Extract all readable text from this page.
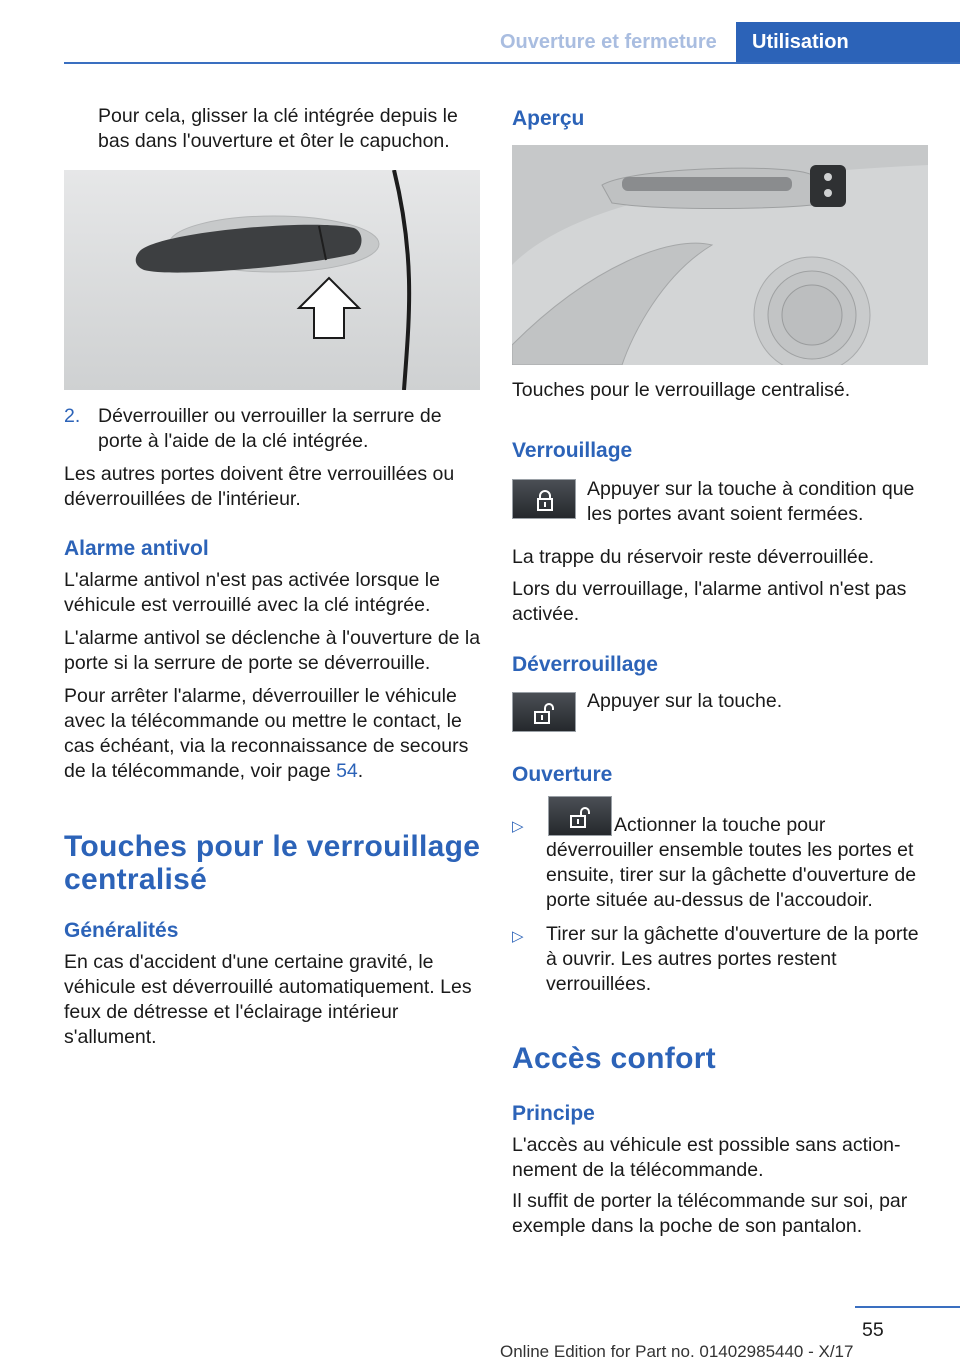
Ouverture et fermeture	Utilisation

Pour cela, glisser la clé intégrée depuis le bas dans l'ouverture et ôter le capuchon.

2. Déverrouiller ou verrouiller la serrure de porte à l'aide de la clé intégrée.

Les autres portes doivent être verrouillées ou déverrouillées de l'intérieur.

Alarme antivol

L'alarme antivol n'est pas activée lorsque le véhicule est verrouillé avec la clé intégrée.

L'alarme antivol se déclenche à l'ouverture de la porte si la serrure de porte se déverrouille.

Pour arrêter l'alarme, déverrouiller le véhicule avec la télécommande ou mettre le contact, le cas échéant, via la reconnaissance de secours de la télécommande, voir page 54.

Touches pour le verrouillage centralisé
Généralités

En cas d'accident d'une certaine gravité, le véhicule est déverrouillé automatiquement. Les feux de détresse et l'éclairage intérieur s'allument.

Aperçu

Touches pour le verrouillage centralisé.

Verrouillage

Appuyer sur la touche à condition que les portes avant soient fermées.

La trappe du réservoir reste déverrouillée.

Lors du verrouillage, l'alarme antivol n'est pas activée.

Déverrouillage

Appuyer sur la touche.

Ouverture
▷	Actionner la touche pour déverrouiller ensemble toutes les portes et ensuite, tirer sur la gâchette d'ouverture de porte située au-dessus de l'accoudoir.

▷ Tirer sur la gâchette d'ouverture de la porte à ouvrir. Les autres portes restent verrouillées.

Accès confort
Principe

L'accès au véhicule est possible sans actionnement de la télécommande.

Il suffit de porter la télécommande sur soi, par exemple dans la poche de son pantalon.

55
Online Edition for Part no. 01402985440 - X/17
